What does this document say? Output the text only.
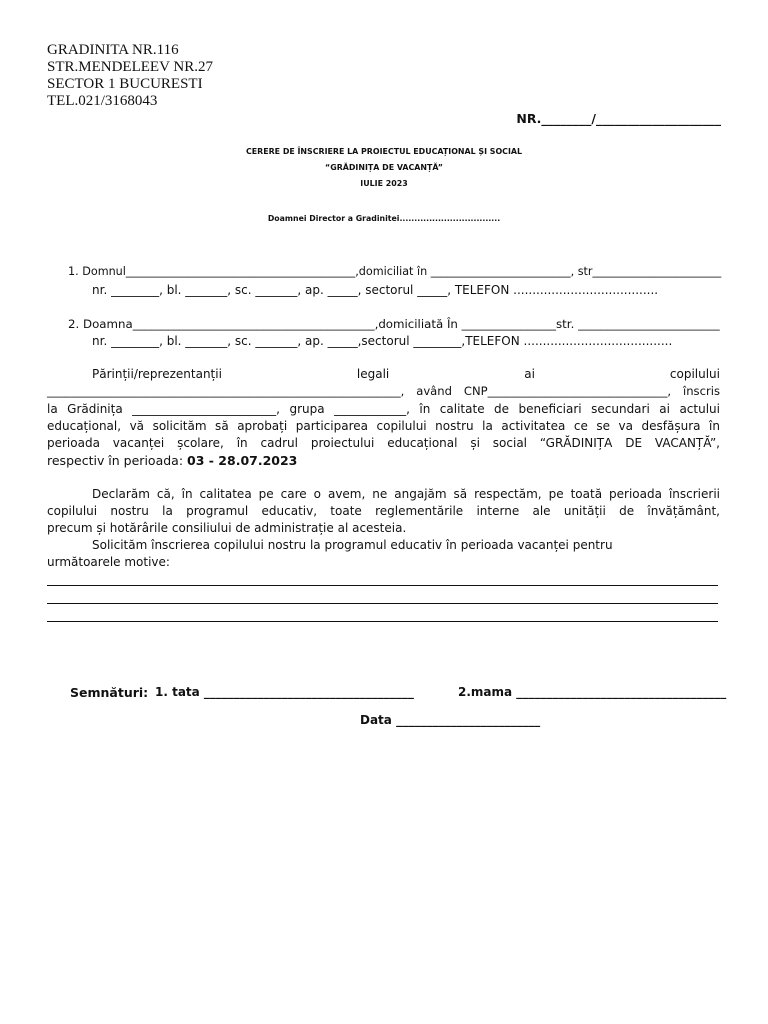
GRADINITA NR.116
STR.MENDELEEV NR.27
SECTOR 1 BUCURESTI
TEL.021/3168043
NR.________/____________________
CERERE DE ÎNSCRIERE LA PROIECTUL EDUCAȚIONAL ȘI SOCIAL
“GRĂDINIȚA DE VACANȚĂ”
IULIE 2023
Doamnei Director a Gradinitei..................................
1. Domnul_________________________________________,domiciliat în _________________________, str_______________________
nr. ________, bl. _______, sc. _______, ap. _____, sectorul _____, TELEFON ......................................
2. Doamna_________________________________________,domiciliată În ________________str. ________________________
nr. ________, bl. _______, sc. _______, ap. _____,sectorul ________,TELEFON .......................................
Părinții/reprezentanții legali ai copilului
_____________________________________________________________, având CNP_______________________________, înscris
la Grădinița ________________________, grupa ____________, în calitate de beneficiari secundari ai actului
educațional, vă solicităm să aprobați participarea copilului nostru la activitatea ce se va desfășura în
perioada vacanței școlare, în cadrul proiectului educațional și social “GRĂDINIȚA DE VACANȚĂ”,
respectiv în perioada: 03 - 28.07.2023
Declarăm că, în calitatea pe care o avem, ne angajăm să respectăm, pe toată perioada înscrierii
copilului nostru la programul educativ, toate reglementările interne ale unității de învățământ,
precum și hotărârile consiliului de administrație al acesteia.
Solicităm înscrierea copilului nostru la programul educativ în perioada vacanței pentru
următoarele motive:
Semnături: 1. tata ___________________________________	2.mama ___________________________________
Data ________________________
